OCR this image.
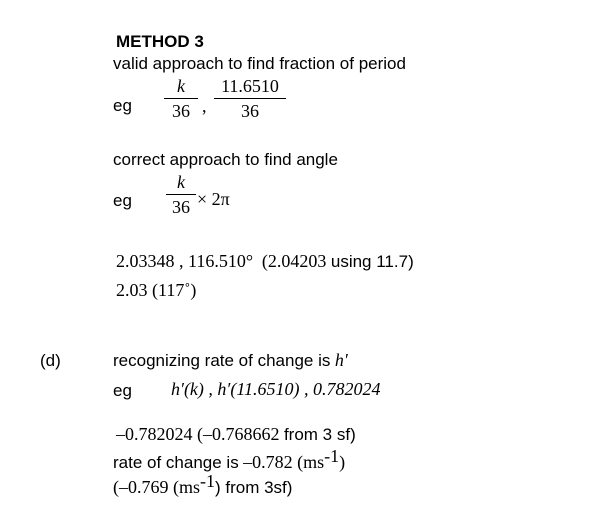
METHOD 3
valid approach to find fraction of period
eg
k
36 ,
11.6510
36
correct approach to find angle
eg
k
36 × 2π
2.03348 , 116.510° (2.04203 using 11.7)
2.03 (117˚)
(d)	recognizing rate of change is h′
eg h′(k) , h′(11.6510) , 0.782024
–0.782024 (–0.768662 from 3 sf)
rate of change is –0.782 $(ms^{-1})$
(–0.769 $(ms^{-1})$ from 3sf)
